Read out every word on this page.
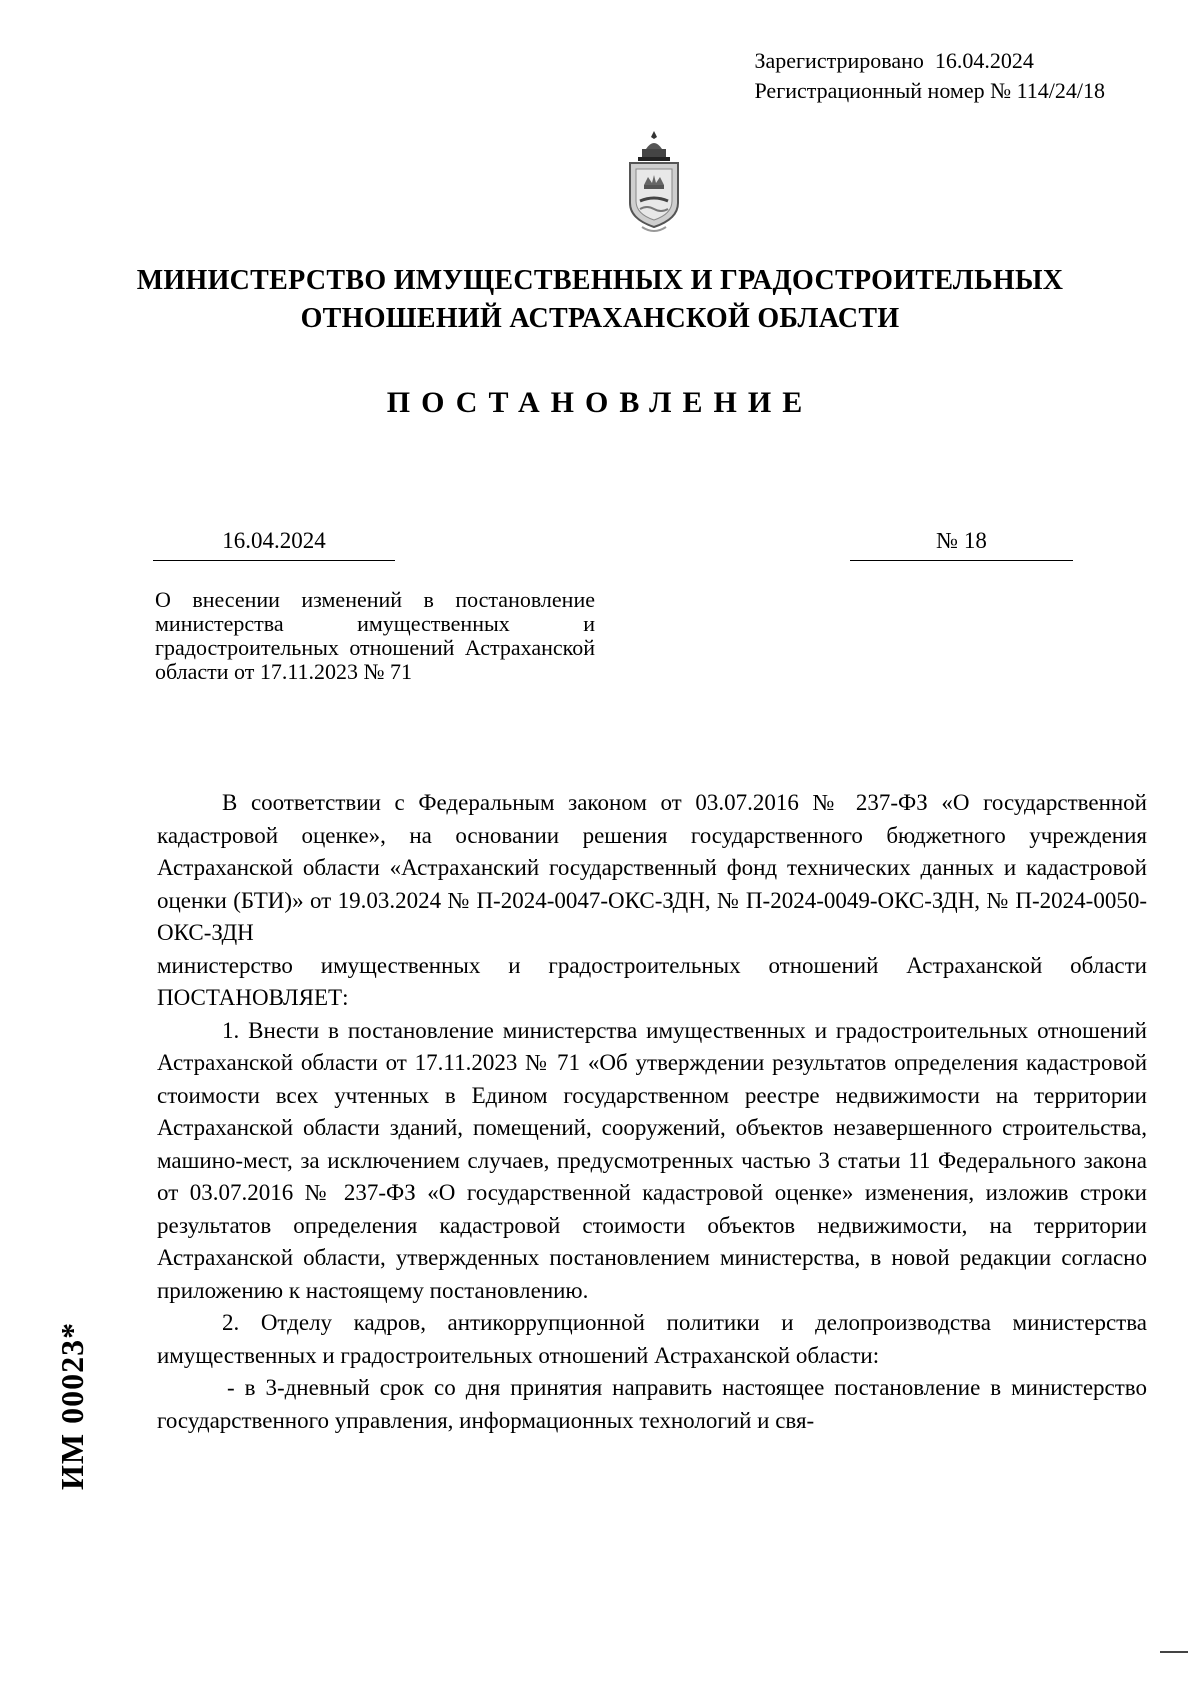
Зарегистрировано 16.04.2024
Регистрационный номер № 114/24/18
МИНИСТЕРСТВО ИМУЩЕСТВЕННЫХ И ГРАДОСТРОИТЕЛЬНЫХ
ОТНОШЕНИЙ АСТРАХАНСКОЙ ОБЛАСТИ
ПОСТАНОВЛЕНИЕ
16.04.2024	№ 18
О внесении изменений в постановление министерства имущественных и градостроительных отношений Астраханской области от 17.11.2023 № 71

В соответствии с Федеральным законом от 03.07.2016 № 237-ФЗ «О государственной кадастровой оценке», на основании решения государственного бюджетного учреждения Астраханской области «Астраханский государственный фонд технических данных и кадастровой оценки (БТИ)» от 19.03.2024 № П-2024-0047-ОКС-ЗДН, № П-2024-0049-ОКС-ЗДН, № П-2024-0050-ОКС-ЗДН

министерство имущественных и градостроительных отношений Астраханской области ПОСТАНОВЛЯЕТ:

1. Внести в постановление министерства имущественных и градостроительных отношений Астраханской области от 17.11.2023 № 71 «Об утверждении результатов определения кадастровой стоимости всех учтенных в Едином государственном реестре недвижимости на территории Астраханской области зданий, помещений, сооружений, объектов незавершенного строительства, машино-мест, за исключением случаев, предусмотренных частью 3 статьи 11 Федерального закона от 03.07.2016 № 237-ФЗ «О государственной кадастровой оценке» изменения, изложив строки результатов определения кадастровой стоимости объектов недвижимости, на территории Астраханской области, утвержденных постановлением министерства, в новой редакции согласно приложению к настоящему постановлению.

2. Отделу кадров, антикоррупционной политики и делопроизводства министерства имущественных и градостроительных отношений Астраханской области:

- в 3-дневный срок со дня принятия направить настоящее постановление в министерство государственного управления, информационных технологий и свя-

ИМ 00023*
